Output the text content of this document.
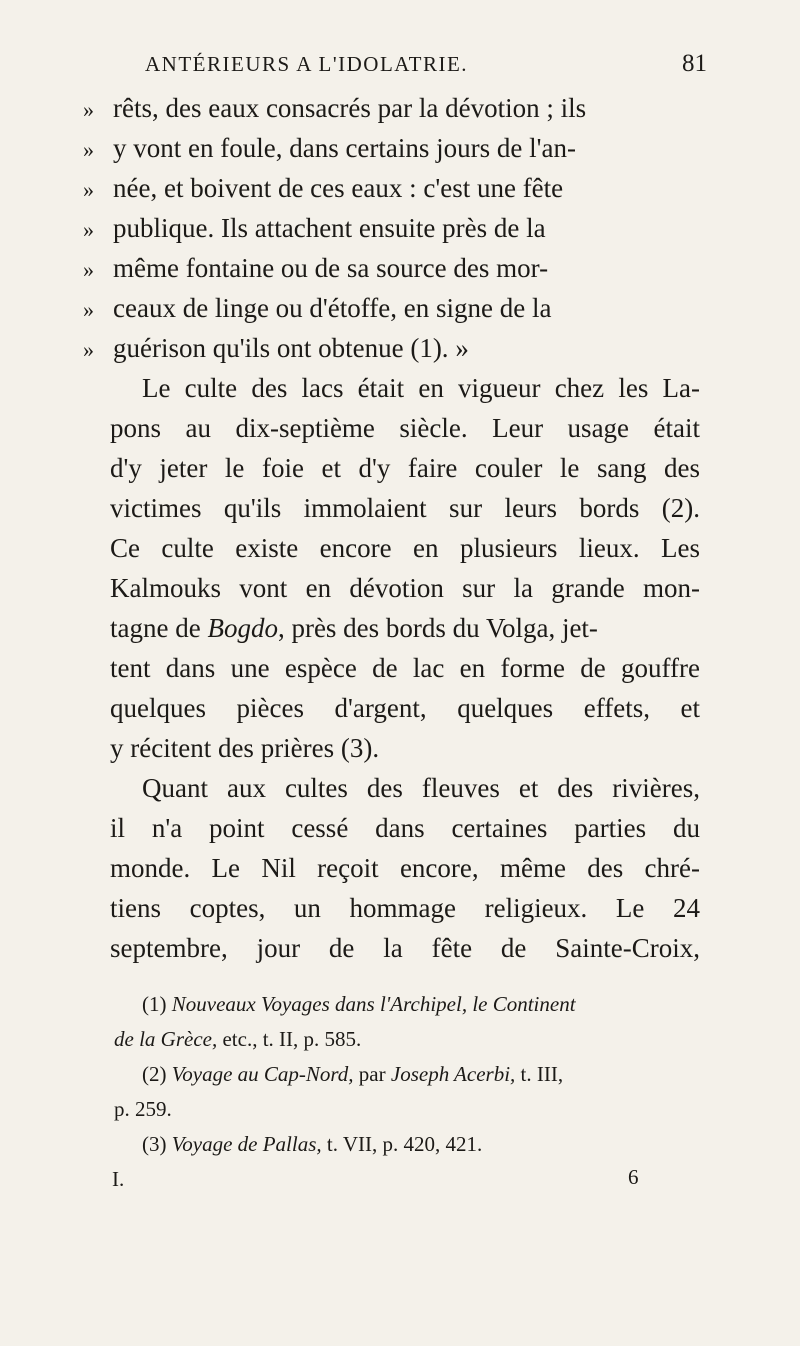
ANTÉRIEURS A L'IDOLATRIE.	81
» rêts, des eaux consacrés par la dévotion ; ils
» y vont en foule, dans certains jours de l'an-
» née, et boivent de ces eaux : c'est une fête
» publique. Ils attachent ensuite près de la
» même fontaine ou de sa source des mor-
» ceaux de linge ou d'étoffe, en signe de la
» guérison qu'ils ont obtenue (1). »
Le culte des lacs était en vigueur chez les La-
pons au dix-septième siècle. Leur usage était
d'y jeter le foie et d'y faire couler le sang des
victimes qu'ils immolaient sur leurs bords (2).
Ce culte existe encore en plusieurs lieux. Les
Kalmouks vont en dévotion sur la grande mon-
tagne de Bogdo, près des bords du Volga, jet-
tent dans une espèce de lac en forme de gouffre
quelques pièces d'argent, quelques effets, et
y récitent des prières (3).
Quant aux cultes des fleuves et des rivières,
il n'a point cessé dans certaines parties du
monde. Le Nil reçoit encore, même des chré-
tiens coptes, un hommage religieux. Le 24
septembre, jour de la fête de Sainte-Croix,
(1) Nouveaux Voyages dans l'Archipel, le Continent
de la Grèce, etc., t. II, p. 585.
(2) Voyage au Cap-Nord, par Joseph Acerbi, t. III,
p. 259.
(3) Voyage de Pallas, t. VII, p. 420, 421.
I.	6
